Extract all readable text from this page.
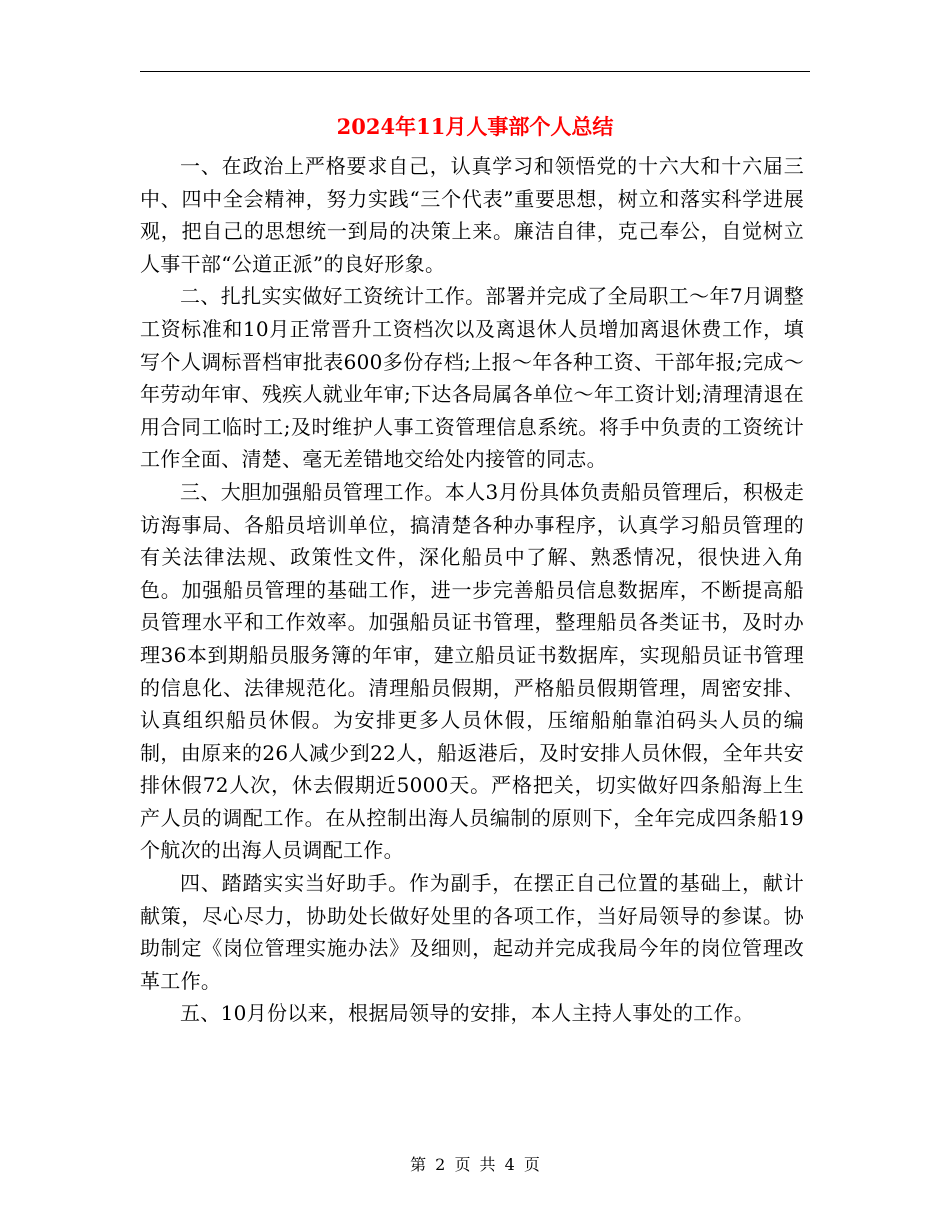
2024年11月人事部个人总结

一、在政治上严格要求自己，认真学习和领悟党的十六大和十六届三中、四中全会精神，努力实践“三个代表”重要思想，树立和落实科学进展观，把自己的思想统一到局的决策上来。廉洁自律，克己奉公，自觉树立人事干部“公道正派”的良好形象。

二、扎扎实实做好工资统计工作。部署并完成了全局职工～年7月调整工资标准和10月正常晋升工资档次以及离退休人员增加离退休费工作，填写个人调标晋档审批表600多份存档;上报～年各种工资、干部年报;完成～年劳动年审、残疾人就业年审;下达各局属各单位～年工资计划;清理清退在用合同工临时工;及时维护人事工资管理信息系统。将手中负责的工资统计工作全面、清楚、毫无差错地交给处内接管的同志。

三、大胆加强船员管理工作。本人3月份具体负责船员管理后，积极走访海事局、各船员培训单位，搞清楚各种办事程序，认真学习船员管理的有关法律法规、政策性文件，深化船员中了解、熟悉情况，很快进入角色。加强船员管理的基础工作，进一步完善船员信息数据库，不断提高船员管理水平和工作效率。加强船员证书管理，整理船员各类证书，及时办理36本到期船员服务簿的年审，建立船员证书数据库，实现船员证书管理的信息化、法律规范化。清理船员假期，严格船员假期管理，周密安排、认真组织船员休假。为安排更多人员休假，压缩船舶靠泊码头人员的编制，由原来的26人减少到22人，船返港后，及时安排人员休假，全年共安排休假72人次，休去假期近5000天。严格把关，切实做好四条船海上生产人员的调配工作。在从控制出海人员编制的原则下，全年完成四条船19个航次的出海人员调配工作。

四、踏踏实实当好助手。作为副手，在摆正自己位置的基础上，献计献策，尽心尽力，协助处长做好处里的各项工作，当好局领导的参谋。协助制定《岗位管理实施办法》及细则，起动并完成我局今年的岗位管理改革工作。

五、10月份以来，根据局领导的安排，本人主持人事处的工作。

第 2 页 共 4 页
